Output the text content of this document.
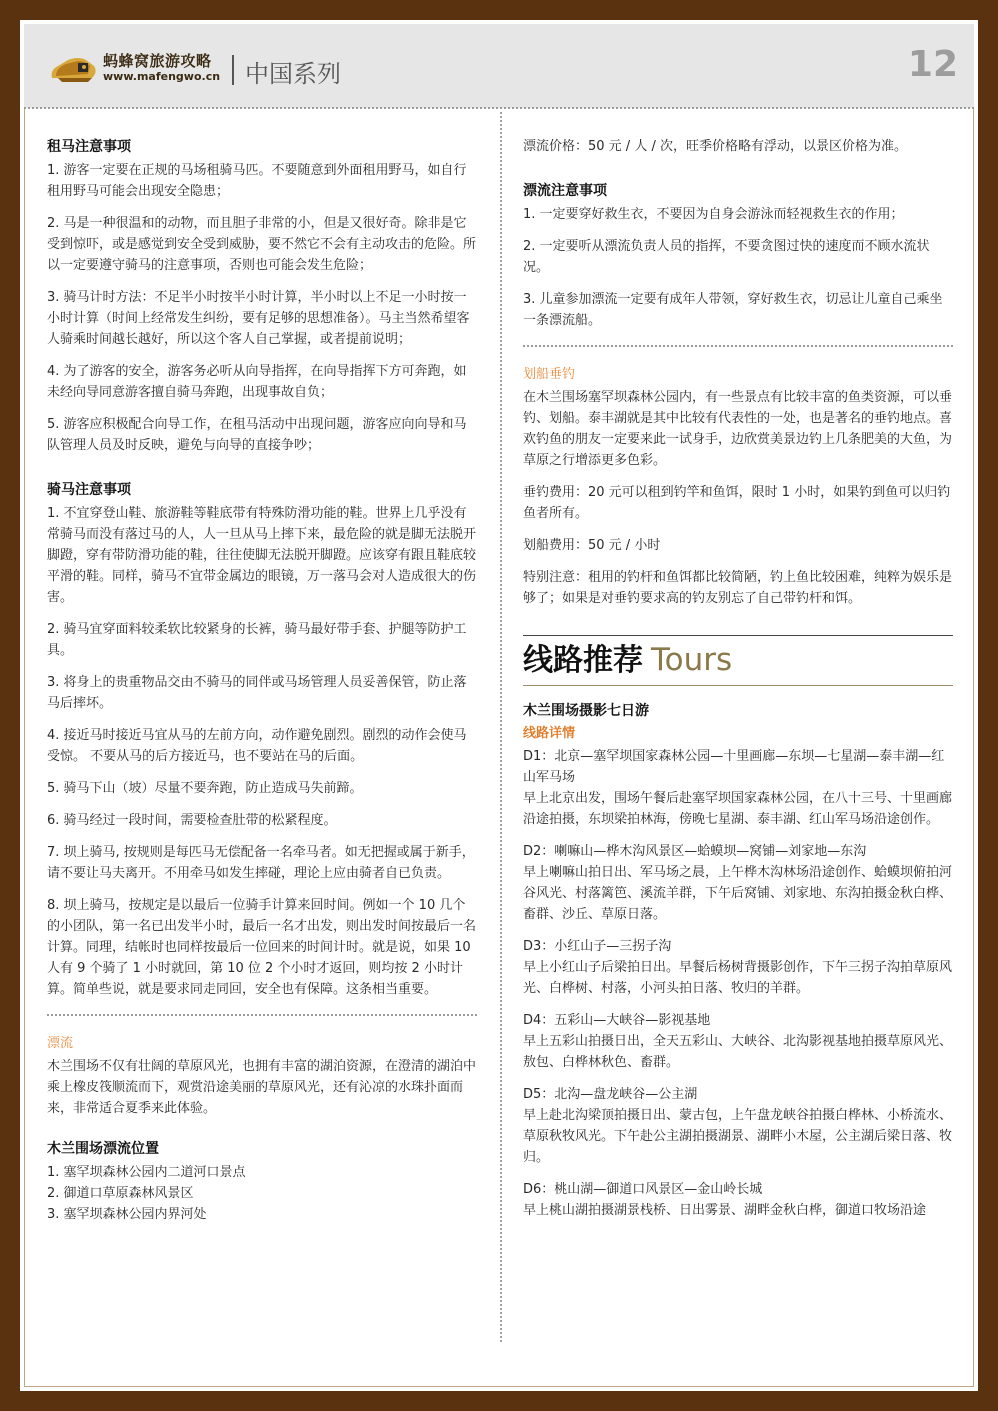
蚂蜂窝旅游攻略
www.mafengwo.cn 中国系列	12
租马注意事项
1. 游客一定要在正规的马场租骑马匹。不要随意到外面租用野马，如自行租用野马可能会出现安全隐患；
2. 马是一种很温和的动物，而且胆子非常的小，但是又很好奇。除非是它受到惊吓，或是感觉到安全受到威胁，要不然它不会有主动攻击的危险。所以一定要遵守骑马的注意事项，否则也可能会发生危险；
3. 骑马计时方法：不足半小时按半小时计算，半小时以上不足一小时按一小时计算（时间上经常发生纠纷，要有足够的思想准备）。马主当然希望客人骑乘时间越长越好，所以这个客人自己掌握，或者提前说明；
4. 为了游客的安全，游客务必听从向导指挥，在向导指挥下方可奔跑，如未经向导同意游客擅自骑马奔跑，出现事故自负；
5. 游客应积极配合向导工作，在租马活动中出现问题，游客应向向导和马队管理人员及时反映，避免与向导的直接争吵；
骑马注意事项
1. 不宜穿登山鞋、旅游鞋等鞋底带有特殊防滑功能的鞋。世界上几乎没有常骑马而没有落过马的人，人一旦从马上摔下来，最危险的就是脚无法脱开脚蹬，穿有带防滑功能的鞋，往往使脚无法脱开脚蹬。应该穿有跟且鞋底较平滑的鞋。同样，骑马不宜带金属边的眼镜，万一落马会对人造成很大的伤害。
2. 骑马宜穿面料较柔软比较紧身的长裤，骑马最好带手套、护腿等防护工具。
3. 将身上的贵重物品交由不骑马的同伴或马场管理人员妥善保管，防止落马后摔坏。
4. 接近马时接近马宜从马的左前方向，动作避免剧烈。剧烈的动作会使马受惊。 不要从马的后方接近马，也不要站在马的后面。
5. 骑马下山（坡）尽量不要奔跑，防止造成马失前蹄。
6. 骑马经过一段时间，需要检查肚带的松紧程度。
7. 坝上骑马, 按规则是每匹马无偿配备一名牵马者。如无把握或属于新手，请不要让马夫离开。不用牵马如发生摔碰，理论上应由骑者自已负责。
8. 坝上骑马，按规定是以最后一位骑手计算来回时间。例如一个 10 几个的小团队，第一名已出发半小时，最后一名才出发，则出发时间按最后一名计算。同理，结帐时也同样按最后一位回来的时间计时。就是说，如果 10 人有 9 个骑了 1 小时就回，第 10 位 2 个小时才返回，则均按 2 小时计算。简单些说，就是要求同走同回，安全也有保障。这条相当重要。
漂流
木兰围场不仅有壮阔的草原风光，也拥有丰富的湖泊资源，在澄清的湖泊中乘上橡皮筏顺流而下，观赏沿途美丽的草原风光，还有沁凉的水珠扑面而来，非常适合夏季来此体验。
木兰围场漂流位置
1. 塞罕坝森林公园内二道河口景点
2. 御道口草原森林风景区
3. 塞罕坝森林公园内界河处
漂流价格：50 元 / 人 / 次，旺季价格略有浮动，以景区价格为准。
漂流注意事项
1. 一定要穿好救生衣，不要因为自身会游泳而轻视救生衣的作用；
2. 一定要听从漂流负责人员的指挥，不要贪图过快的速度而不顾水流状况。
3. 儿童参加漂流一定要有成年人带领，穿好救生衣，切忌让儿童自己乘坐一条漂流船。
划船垂钓
在木兰围场塞罕坝森林公园内，有一些景点有比较丰富的鱼类资源，可以垂钓、划船。泰丰湖就是其中比较有代表性的一处，也是著名的垂钓地点。喜欢钓鱼的朋友一定要来此一试身手，边欣赏美景边钓上几条肥美的大鱼，为草原之行增添更多色彩。
垂钓费用：20 元可以租到钓竿和鱼饵，限时 1 小时，如果钓到鱼可以归钓鱼者所有。
划船费用：50 元 / 小时
特别注意：租用的钓杆和鱼饵都比较简陋，钓上鱼比较困难，纯粹为娱乐是够了；如果是对垂钓要求高的钓友别忘了自己带钓杆和饵。
线路推荐 Tours
木兰围场摄影七日游
线路详情
D1：北京—塞罕坝国家森林公园—十里画廊—东坝—七星湖—泰丰湖—红山军马场
早上北京出发，围场午餐后赴塞罕坝国家森林公园，在八十三号、十里画廊沿途拍摄，东坝梁拍林海，傍晚七星湖、泰丰湖、红山军马场沿途创作。
D2：喇嘛山—桦木沟风景区—蛤蟆坝—窝铺—刘家地—东沟
早上喇嘛山拍日出、军马场之晨，上午桦木沟林场沿途创作、蛤蟆坝俯拍河谷风光、村落篱笆、溪流羊群，下午后窝铺、刘家地、东沟拍摄金秋白桦、畜群、沙丘、草原日落。
D3：小红山子—三拐子沟
早上小红山子后梁拍日出。早餐后杨树背摄影创作，下午三拐子沟拍草原风光、白桦树、村落，小河头拍日落、牧归的羊群。
D4：五彩山—大峡谷—影视基地
早上五彩山拍摄日出，全天五彩山、大峡谷、北沟影视基地拍摄草原风光、敖包、白桦林秋色、畜群。
D5：北沟—盘龙峡谷—公主湖
早上赴北沟梁顶拍摄日出、蒙古包，上午盘龙峡谷拍摄白桦林、小桥流水、草原秋牧风光。下午赴公主湖拍摄湖景、湖畔小木屋，公主湖后梁日落、牧归。
D6：桃山湖—御道口风景区—金山岭长城
早上桃山湖拍摄湖景栈桥、日出雾景、湖畔金秋白桦，御道口牧场沿途
